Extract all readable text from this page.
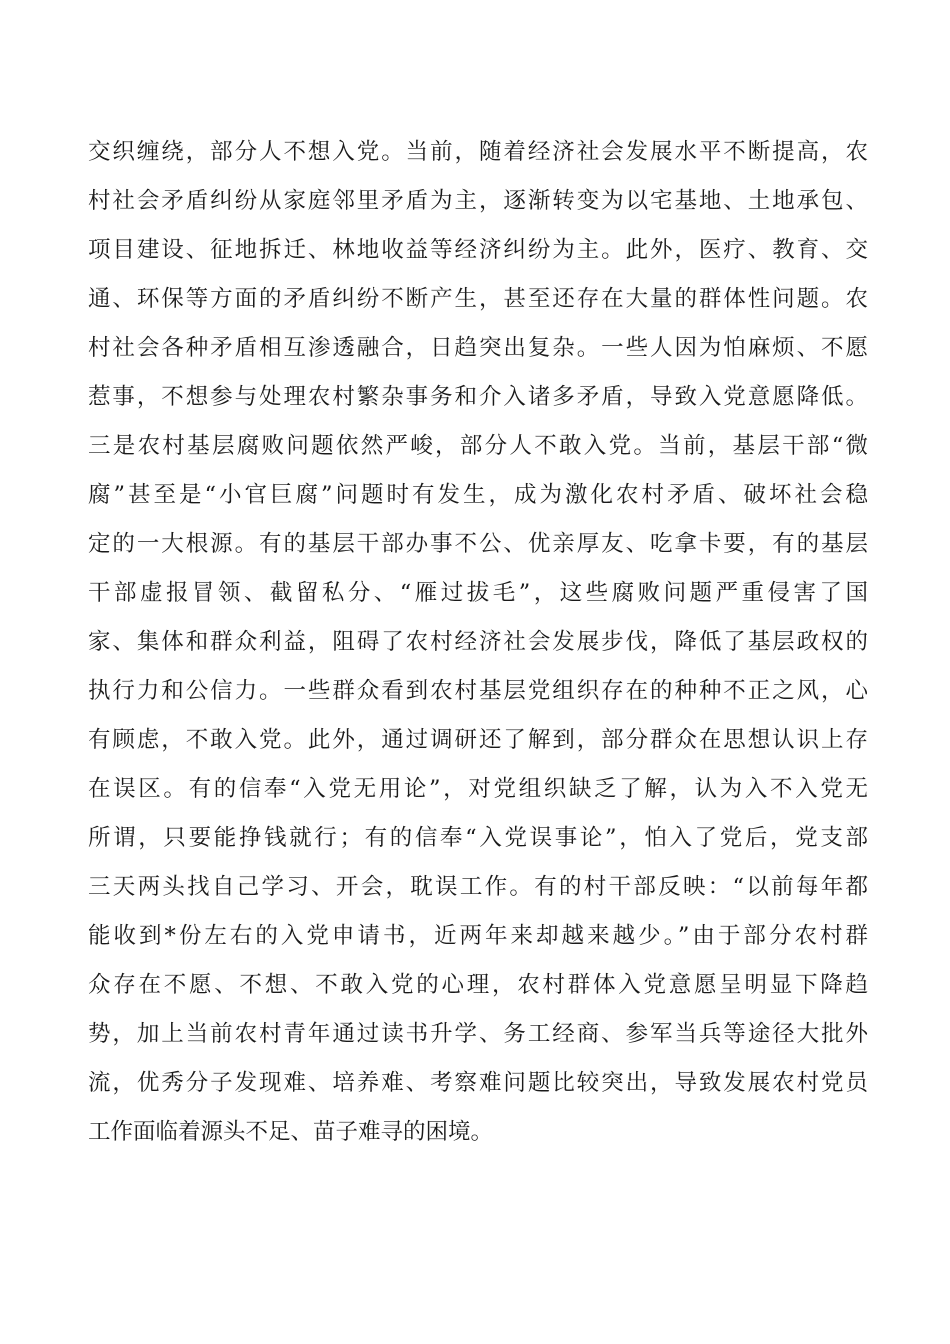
交织缠绕，部分人不想入党。当前，随着经济社会发展水平不断提高，农
村社会矛盾纠纷从家庭邻里矛盾为主，逐渐转变为以宅基地、土地承包、
项目建设、征地拆迁、林地收益等经济纠纷为主。此外，医疗、教育、交
通、环保等方面的矛盾纠纷不断产生，甚至还存在大量的群体性问题。农
村社会各种矛盾相互渗透融合，日趋突出复杂。一些人因为怕麻烦、不愿
惹事，不想参与处理农村繁杂事务和介入诸多矛盾，导致入党意愿降低。
三是农村基层腐败问题依然严峻，部分人不敢入党。当前，基层干部“微
腐”甚至是“小官巨腐”问题时有发生，成为激化农村矛盾、破坏社会稳
定的一大根源。有的基层干部办事不公、优亲厚友、吃拿卡要，有的基层
干部虚报冒领、截留私分、“雁过拔毛”，这些腐败问题严重侵害了国
家、集体和群众利益，阻碍了农村经济社会发展步伐，降低了基层政权的
执行力和公信力。一些群众看到农村基层党组织存在的种种不正之风，心
有顾虑，不敢入党。此外，通过调研还了解到，部分群众在思想认识上存
在误区。有的信奉“入党无用论”，对党组织缺乏了解，认为入不入党无
所谓，只要能挣钱就行；有的信奉“入党误事论”，怕入了党后，党支部
三天两头找自己学习、开会，耽误工作。有的村干部反映：“以前每年都
能收到*份左右的入党申请书，近两年来却越来越少。”由于部分农村群
众存在不愿、不想、不敢入党的心理，农村群体入党意愿呈明显下降趋
势，加上当前农村青年通过读书升学、务工经商、参军当兵等途径大批外
流，优秀分子发现难、培养难、考察难问题比较突出，导致发展农村党员
工作面临着源头不足、苗子难寻的困境。
